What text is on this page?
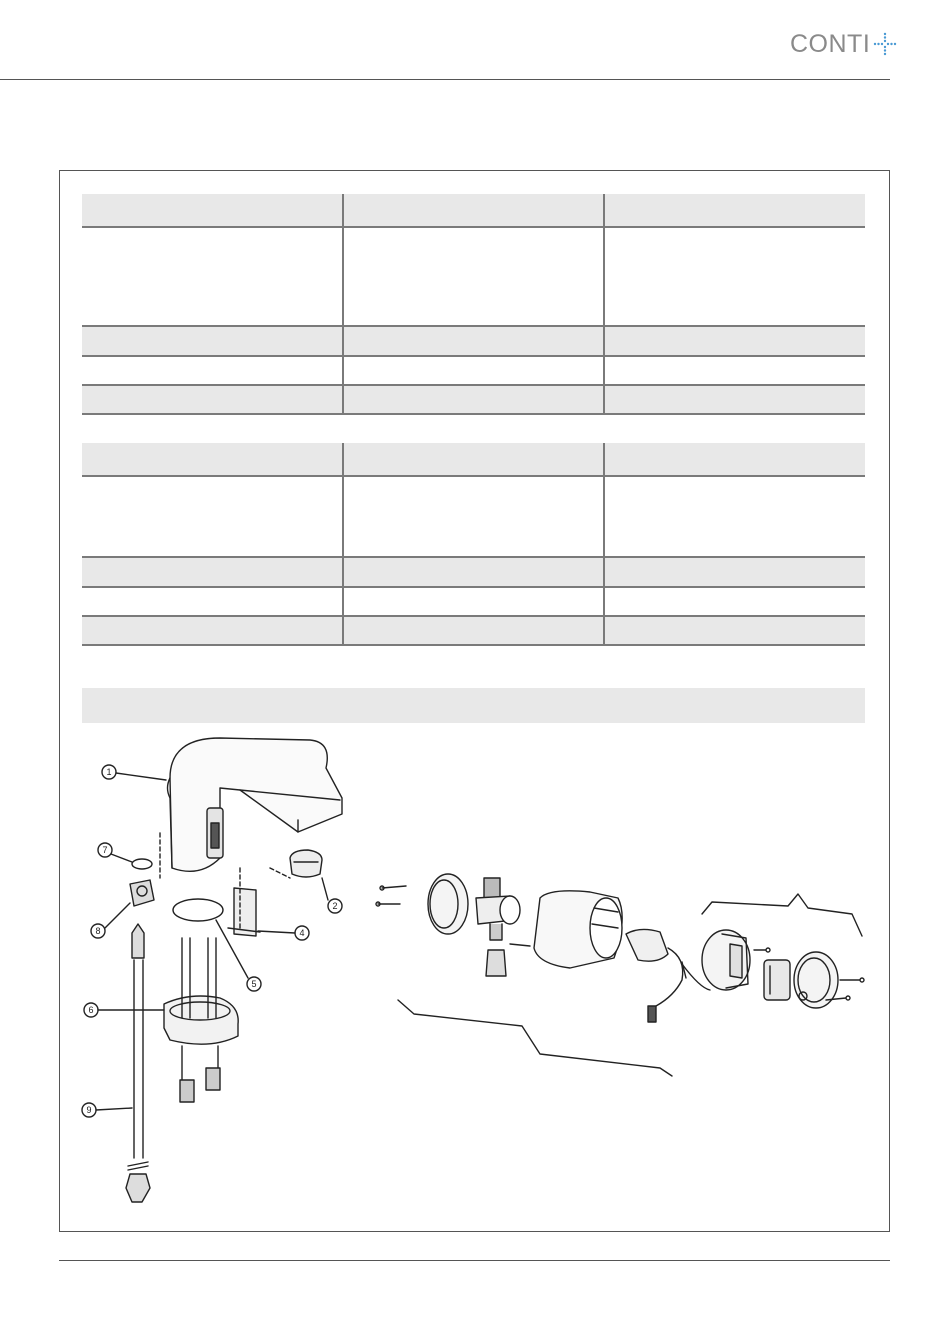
CONTI
1
2
4
5
6
7
8
9
